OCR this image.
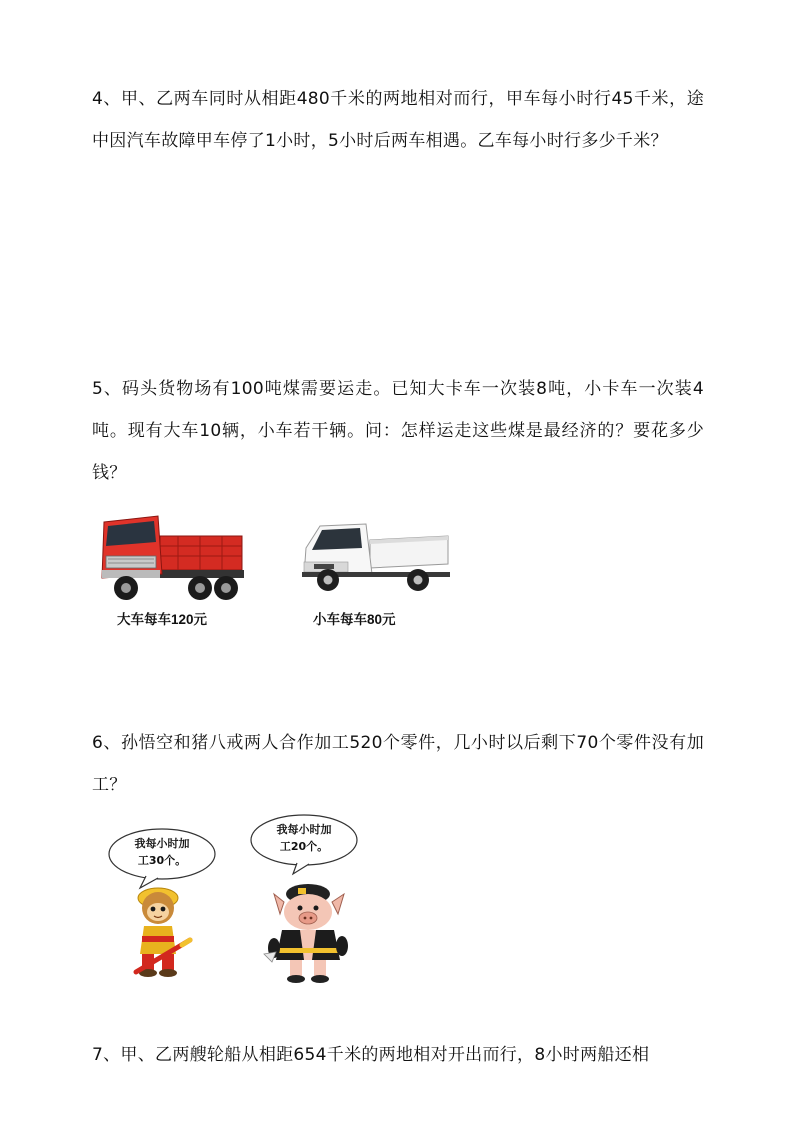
4、甲、乙两车同时从相距480千米的两地相对而行，甲车每小时行45千米，途中因汽车故障甲车停了1小时，5小时后两车相遇。乙车每小时行多少千米？
5、码头货物场有100吨煤需要运走。已知大卡车一次装8吨，小卡车一次装4吨。现有大车10辆，小车若干辆。问：怎样运走这些煤是最经济的？要花多少钱？
大车每车120元	小车每车80元
6、孙悟空和猪八戒两人合作加工520个零件，几小时以后剩下70个零件没有加工？
我每小时加
工30个。
我每小时加
工20个。
7、甲、乙两艘轮船从相距654千米的两地相对开出而行，8小时两船还相
